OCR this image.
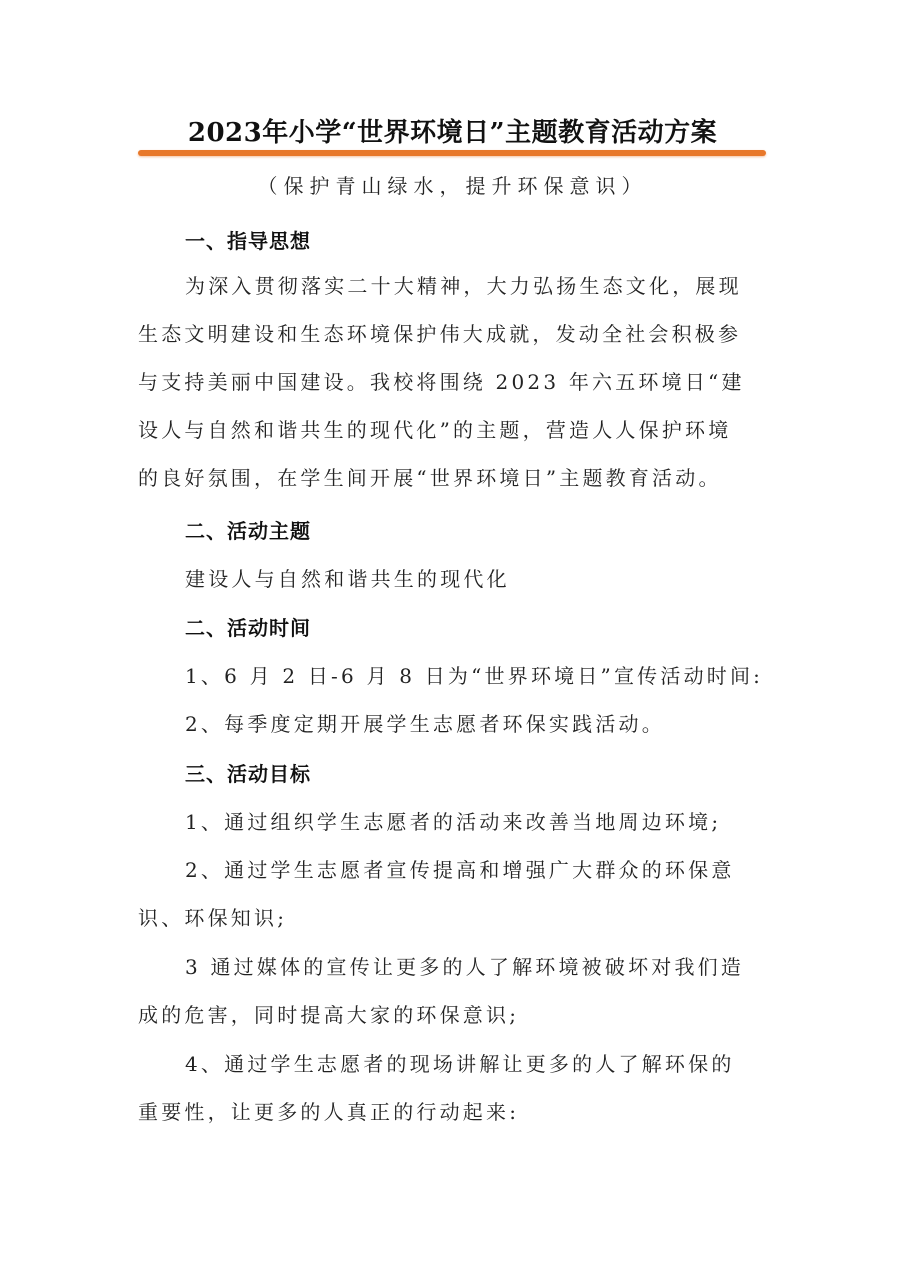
2023年小学“世界环境日”主题教育活动方案
（保护青山绿水，提升环保意识）
一、指导思想
为深入贯彻落实二十大精神，大力弘扬生态文化，展现
生态文明建设和生态环境保护伟大成就，发动全社会积极参
与支持美丽中国建设。我校将围绕 2023 年六五环境日“建
设人与自然和谐共生的现代化”的主题，营造人人保护环境
的良好氛围，在学生间开展“世界环境日”主题教育活动。
二、活动主题
建设人与自然和谐共生的现代化
二、活动时间
1、6 月 2 日-6 月 8 日为“世界环境日”宣传活动时间:
2、每季度定期开展学生志愿者环保实践活动。
三、活动目标
1、通过组织学生志愿者的活动来改善当地周边环境;
2、通过学生志愿者宣传提高和增强广大群众的环保意
识、环保知识;
3 通过媒体的宣传让更多的人了解环境被破坏对我们造
成的危害，同时提高大家的环保意识;
4、通过学生志愿者的现场讲解让更多的人了解环保的
重要性，让更多的人真正的行动起来:
